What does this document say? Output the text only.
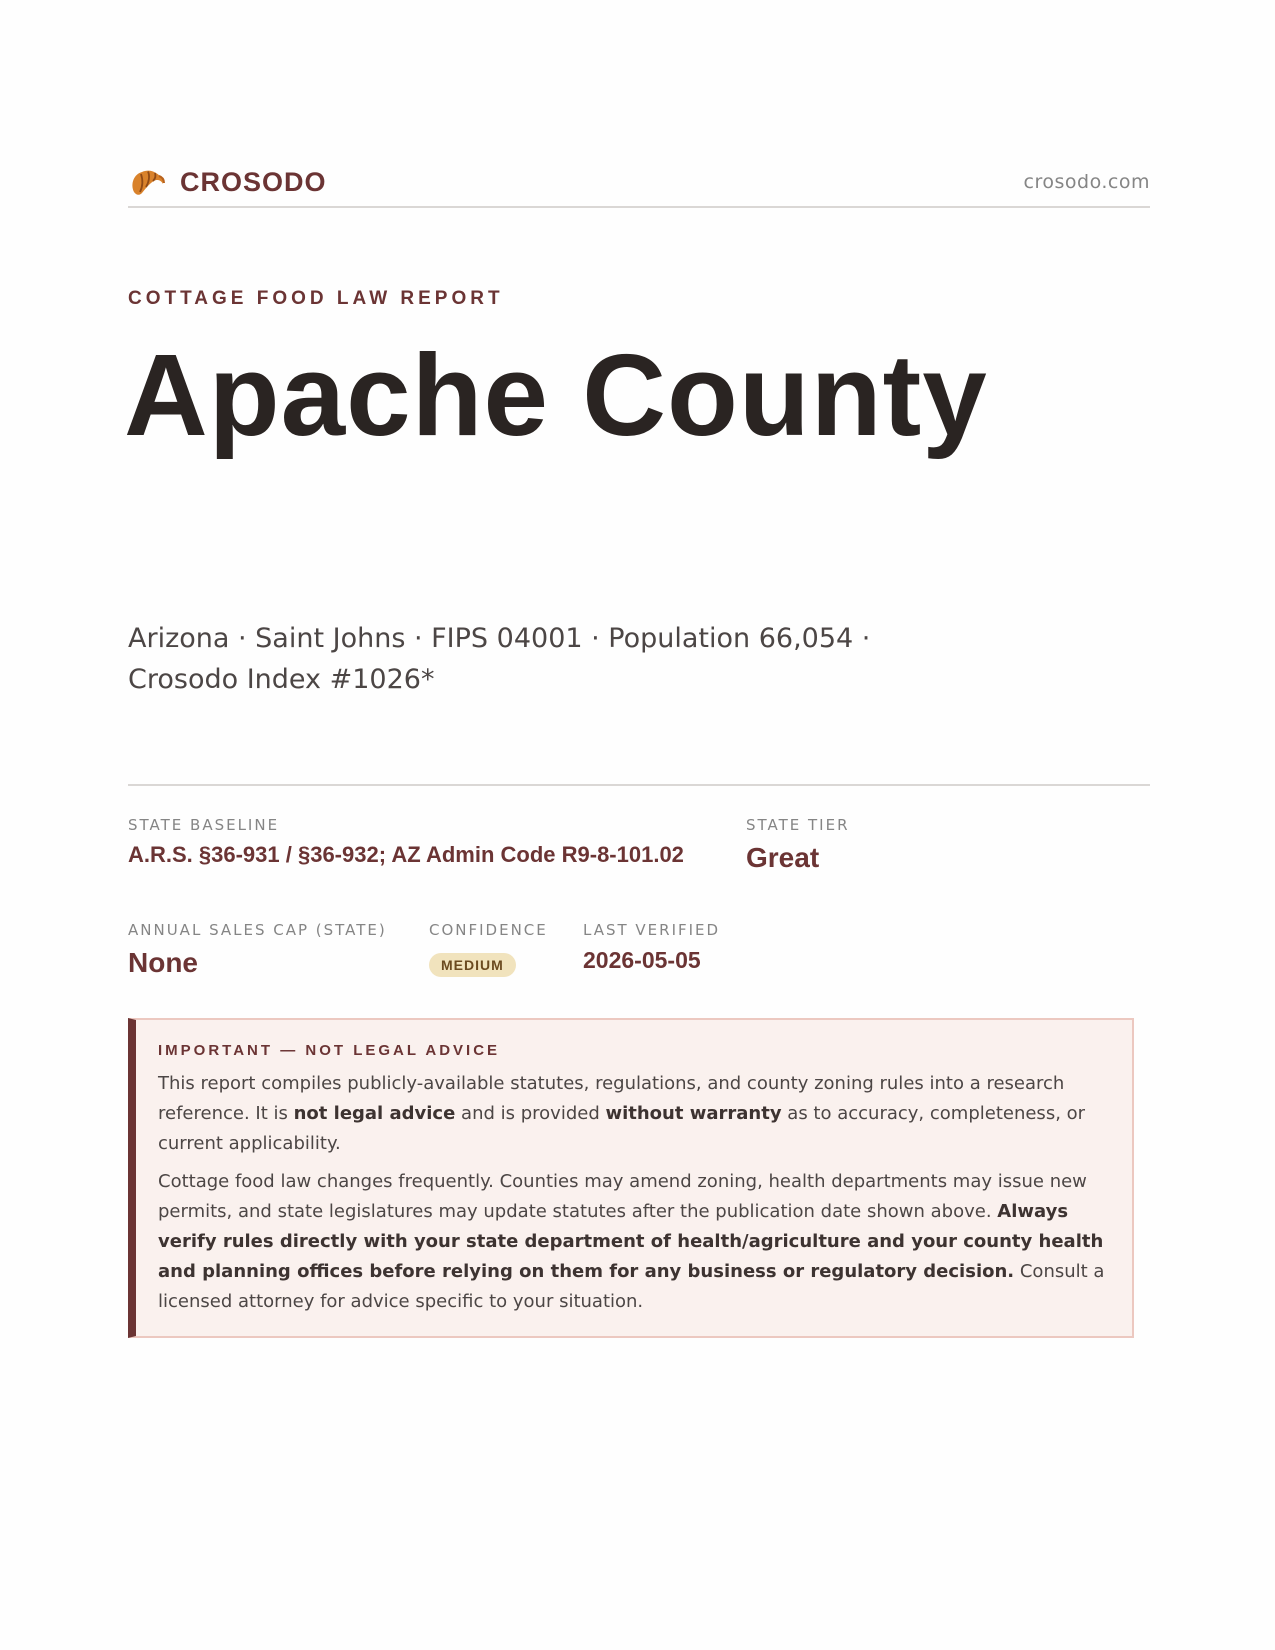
CROSODO	crosodo.com
COTTAGE FOOD LAW REPORT
Apache County
Arizona · Saint Johns · FIPS 04001 · Population 66,054 · Crosodo Index #1026*
STATE BASELINE
A.R.S. §36-931 / §36-932; AZ Admin Code R9-8-101.02
STATE TIER
Great
ANNUAL SALES CAP (STATE)
None
CONFIDENCE
MEDIUM
LAST VERIFIED
2026-05-05
IMPORTANT — NOT LEGAL ADVICE

This report compiles publicly-available statutes, regulations, and county zoning rules into a research reference. It is not legal advice and is provided without warranty as to accuracy, completeness, or current applicability.

Cottage food law changes frequently. Counties may amend zoning, health departments may issue new permits, and state legislatures may update statutes after the publication date shown above. Always verify rules directly with your state department of health/agriculture and your county health and planning offices before relying on them for any business or regulatory decision. Consult a licensed attorney for advice specific to your situation.
